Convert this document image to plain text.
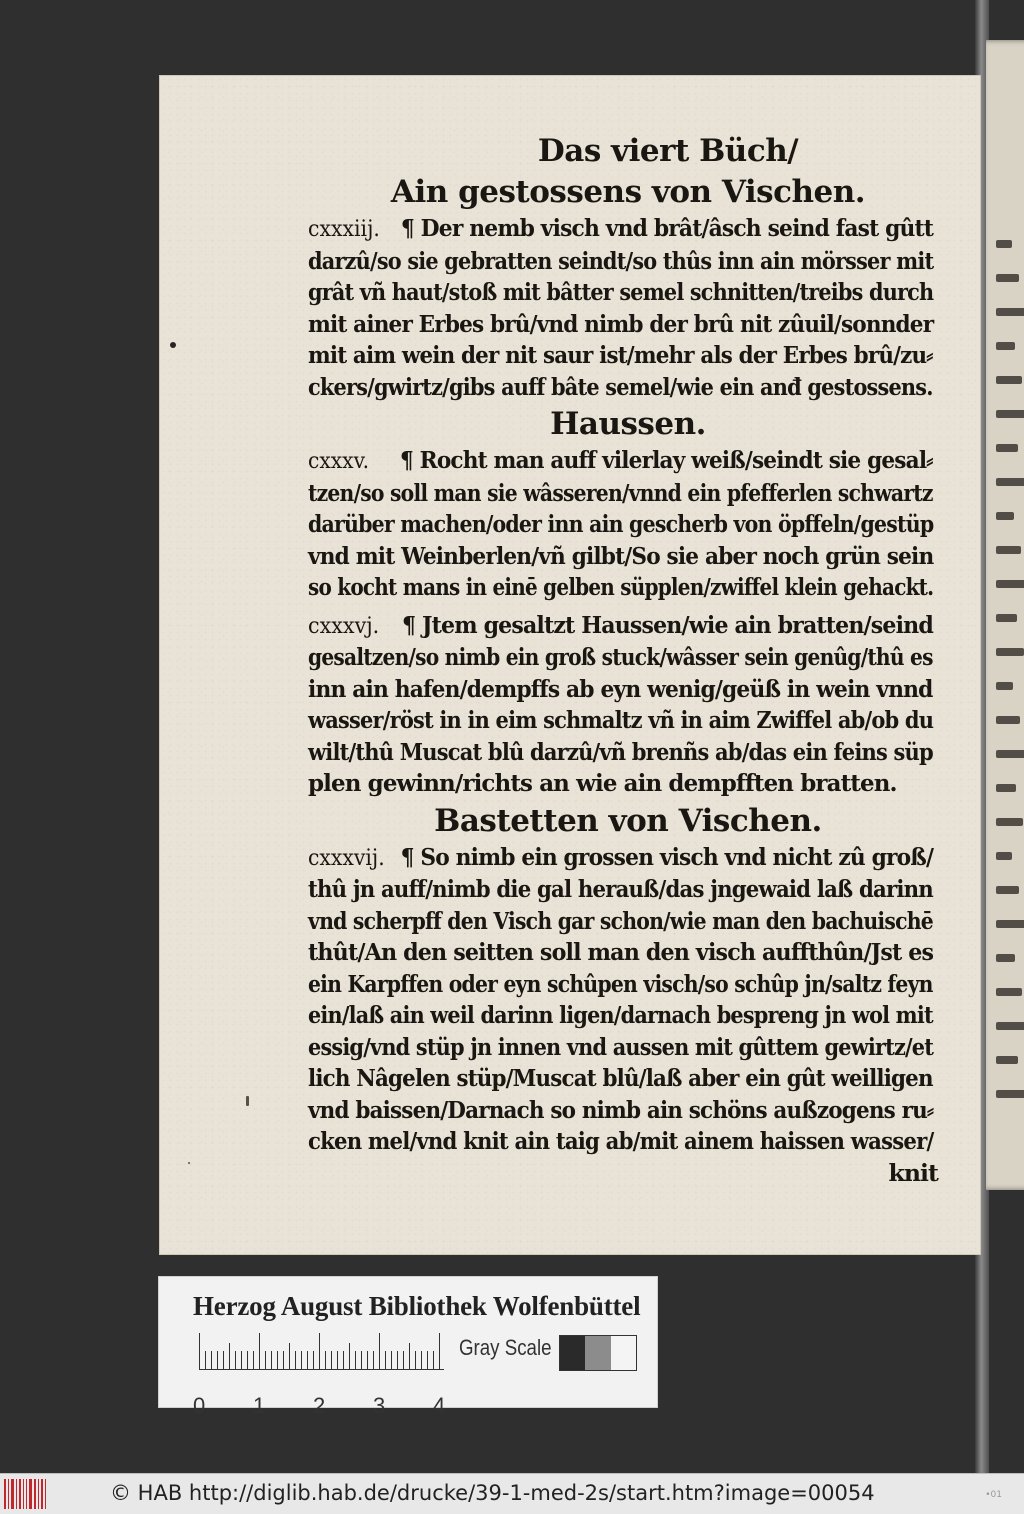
Das viert Büch/
Ain gestossens von Vischen.
cxxxiij. ¶ Der nemb visch vnd brât/âsch seind fast gûtt
darzû/so sie gebratten seindt/so thûs inn ain mörsser mit
grât vñ haut/stoß mit bâtter semel schnitten/treibs durch
mit ainer Erbes brû/vnd nimb der brû nit zûuil/sonnder
mit aim wein der nit saur ist/mehr als der Erbes brû/zu⸗
ckers/gwirtz/gibs auff bâte semel/wie ein anđ gestossens.
Haussen.
cxxxv. ¶ Rocht man auff vilerlay weiß/seindt sie gesal⸗
tzen/so soll man sie wâsseren/vnnd ein pfefferlen schwartz
darüber machen/oder inn ain gescherb von öpffeln/gestüp
vnd mit Weinberlen/vñ gilbt/So sie aber noch grün sein
so kocht mans in einē gelben süpplen/zwiffel klein gehackt.
cxxxvj. ¶ Jtem gesaltzt Haussen/wie ain bratten/seind
gesaltzen/so nimb ein groß stuck/wâsser sein genûg/thû es
inn ain hafen/dempffs ab eyn wenig/geüß in wein vnnd
wasser/röst in in eim schmaltz vñ in aim Zwiffel ab/ob du
wilt/thû Muscat blû darzû/vñ brenñs ab/das ein feins süp
plen gewinn/richts an wie ain dempfften bratten.
Bastetten von Vischen.
cxxxvij. ¶ So nimb ein grossen visch vnd nicht zû groß/
thû jn auff/nimb die gal herauß/das jngewaid laß darinn
vnd scherpff den Visch gar schon/wie man den bachuischē
thût/An den seitten soll man den visch auffthûn/Jst es
ein Karpffen oder eyn schûpen visch/so schûp jn/saltz feyn
ein/laß ain weil darinn ligen/darnach bespreng jn wol mit
essig/vnd stüp jn innen vnd aussen mit gûttem gewirtz/et
lich Nâgelen stüp/Muscat blû/laß aber ein gût weilligen
vnd baissen/Darnach so nimb ain schöns außzogens ru⸗
cken mel/vnd knit ain taig ab/mit ainem haissen wasser/
knit
Herzog August Bibliothek Wolfenbüttel
0 1 2 3 4
Gray Scale
© HAB http://diglib.hab.de/drucke/39-1-med-2s/start.htm?image=00054	•01
